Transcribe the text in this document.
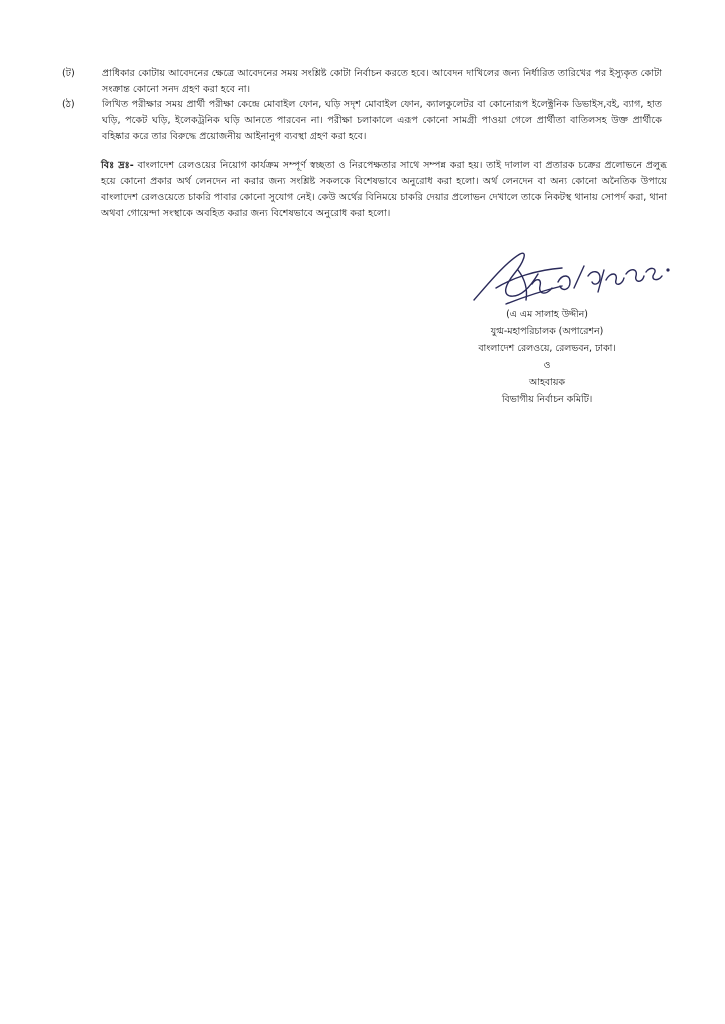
(ট)	প্রাধিকার কোটায় আবেদনের ক্ষেত্রে আবেদনের সময় সংশ্লিষ্ট কোটা নির্বাচন করতে হবে। আবেদন দাখিলের জন্য নির্ধারিত তারিখের পর ইস্যুকৃত কোটা সংক্রান্ত কোনো সনদ গ্রহণ করা হবে না।
(ঠ)	লিখিত পরীক্ষার সময় প্রার্থী পরীক্ষা কেন্দ্রে মোবাইল ফোন, ঘড়ি সদৃশ মোবাইল ফোন, ক্যালকুলেটর বা কোনোরূপ ইলেক্ট্রনিক ডিভাইস,বই, ব্যাগ, হাত ঘড়ি, পকেট ঘড়ি, ইলেকট্রনিক ঘড়ি আনতে পারবেন না। পরীক্ষা চলাকালে এরূপ কোনো সামগ্রী পাওয়া গেলে প্রার্থীতা বাতিলসহ উক্ত প্রার্থীকে বহিষ্কার করে তার বিরুদ্ধে প্রয়োজনীয় আইনানুগ ব্যবস্থা গ্রহণ করা হবে।
বিঃ দ্রঃ- বাংলাদেশ রেলওয়ের নিয়োগ কার্যক্রম সম্পূর্ণ স্বচ্ছতা ও নিরপেক্ষতার সাথে সম্পন্ন করা হয়। তাই দালাল বা প্রতারক চক্রের প্রলোভনে প্রলুব্ধ হয়ে কোনো প্রকার অর্থ লেনদেন না করার জন্য সংশ্লিষ্ট সকলকে বিশেষভাবে অনুরোধ করা হলো। অর্থ লেনদেন বা অন্য কোনো অনৈতিক উপায়ে বাংলাদেশ রেলওয়েতে চাকরি পাবার কোনো সুযোগ নেই। কেউ অর্থের বিনিময়ে চাকরি দেয়ার প্রলোভন দেখালে তাকে নিকটস্থ থানায় সোপর্দ করা, থানা অথবা গোয়েন্দা সংস্থাকে অবহিত করার জন্য বিশেষভাবে অনুরোধ করা হলো।
(এ এম সালাহ উদ্দীন)
যুগ্ম-মহাপরিচালক (অপারেশন)
বাংলাদেশ রেলওয়ে, রেলভবন, ঢাকা।
ও
আহবায়ক
বিভাগীয় নির্বাচন কমিটি।
